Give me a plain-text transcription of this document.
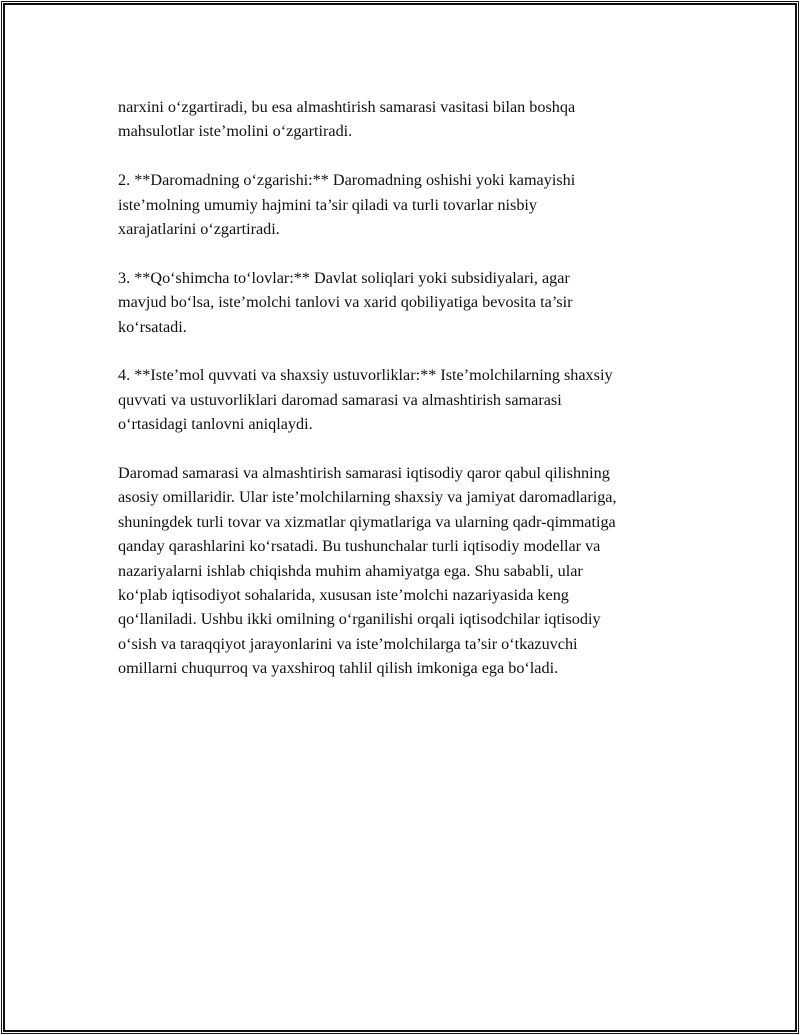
narxini o‘zgartiradi, bu esa almashtirish samarasi vasitasi bilan boshqa
mahsulotlar iste’molini o‘zgartiradi.

2. **Daromadning o‘zgarishi:** Daromadning oshishi yoki kamayishi
iste’molning umumiy hajmini ta’sir qiladi va turli tovarlar nisbiy
xarajatlarini o‘zgartiradi.

3. **Qo‘shimcha to‘lovlar:** Davlat soliqlari yoki subsidiyalari, agar
mavjud bo‘lsa, iste’molchi tanlovi va xarid qobiliyatiga bevosita ta’sir
ko‘rsatadi.

4. **Iste’mol quvvati va shaxsiy ustuvorliklar:** Iste’molchilarning shaxsiy
quvvati va ustuvorliklari daromad samarasi va almashtirish samarasi
o‘rtasidagi tanlovni aniqlaydi.

Daromad samarasi va almashtirish samarasi iqtisodiy qaror qabul qilishning
asosiy omillaridir. Ular iste’molchilarning shaxsiy va jamiyat daromadlariga,
shuningdek turli tovar va xizmatlar qiymatlariga va ularning qadr-qimmatiga
qanday qarashlarini ko‘rsatadi. Bu tushunchalar turli iqtisodiy modellar va
nazariyalarni ishlab chiqishda muhim ahamiyatga ega. Shu sababli, ular
ko‘plab iqtisodiyot sohalarida, xususan iste’molchi nazariyasida keng
qo‘llaniladi. Ushbu ikki omilning o‘rganilishi orqali iqtisodchilar iqtisodiy
o‘sish va taraqqiyot jarayonlarini va iste’molchilarga ta’sir o‘tkazuvchi
omillarni chuqurroq va yaxshiroq tahlil qilish imkoniga ega bo‘ladi.
